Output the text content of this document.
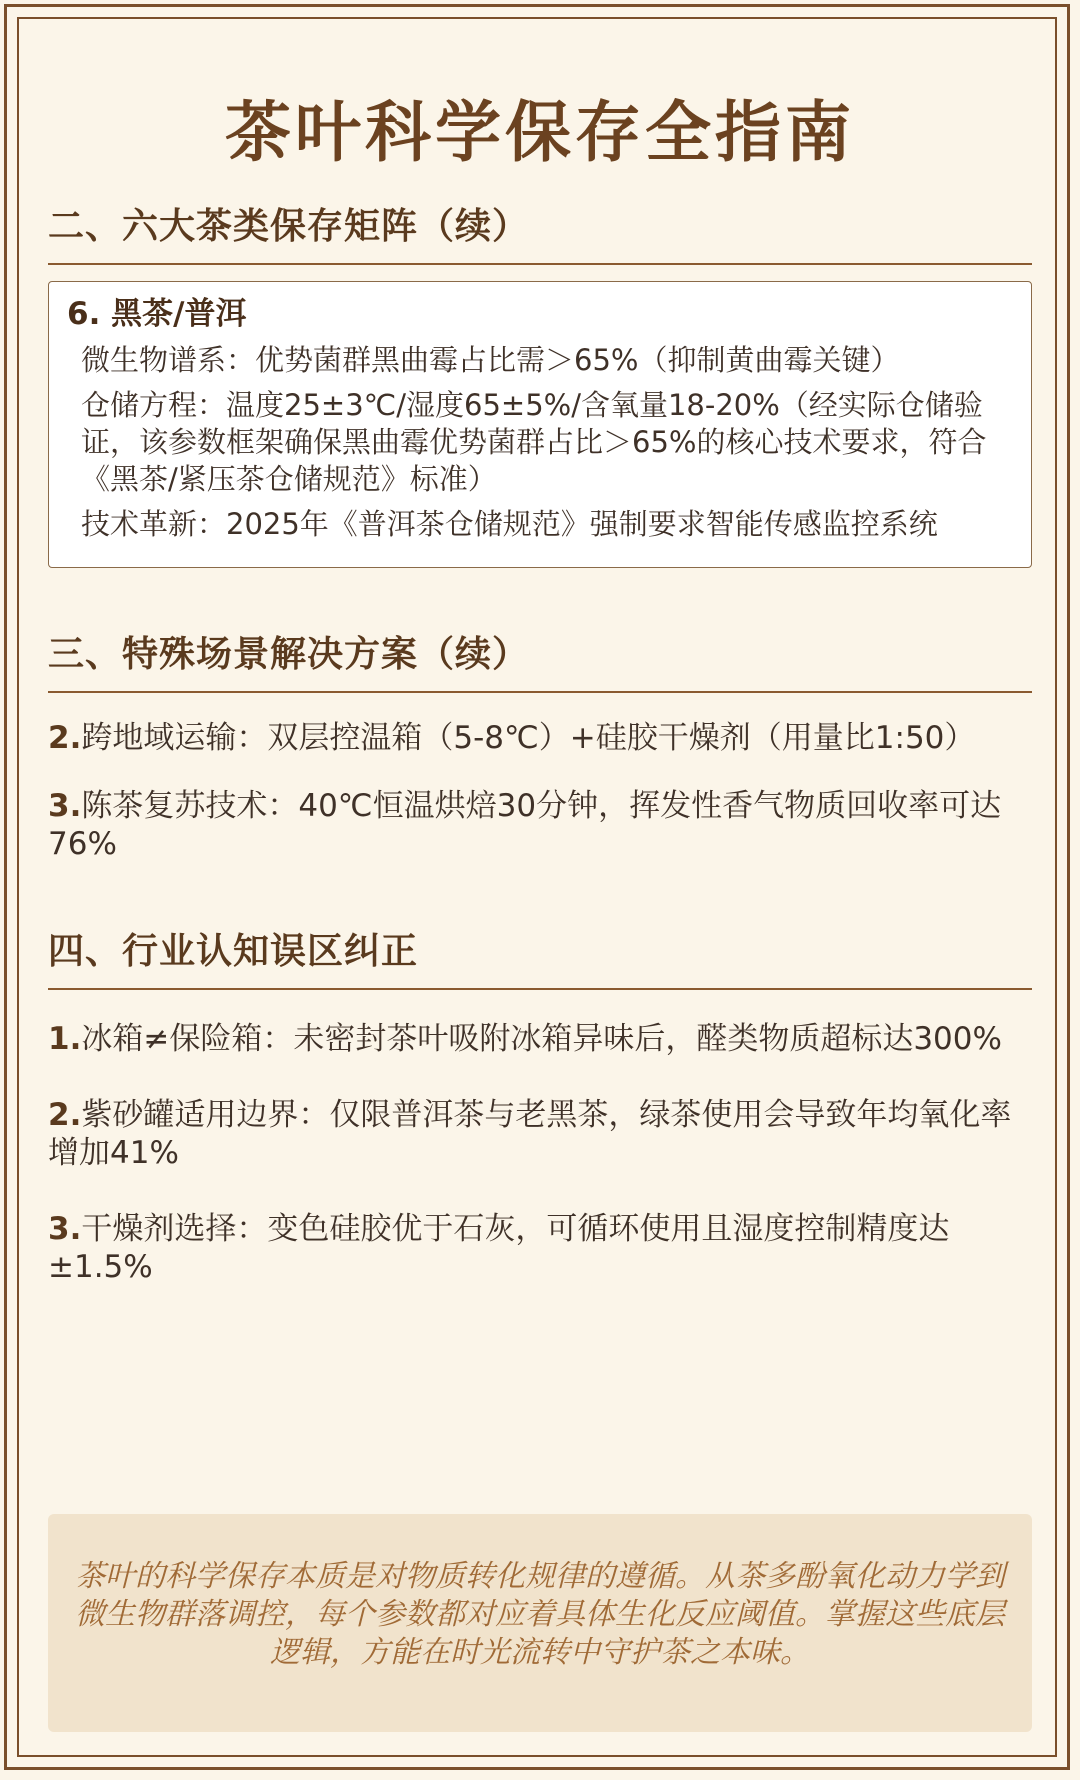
茶叶科学保存全指南
二、六大茶类保存矩阵（续）
6. 黑茶/普洱
微生物谱系：优势菌群黑曲霉占比需＞65%（抑制黄曲霉关键）
仓储方程：温度25±3℃/湿度65±5%/含氧量18-20%（经实际仓储验证，该参数框架确保黑曲霉优势菌群占比＞65%的核心技术要求，符合《黑茶/紧压茶仓储规范》标准）
技术革新：2025年《普洱茶仓储规范》强制要求智能传感监控系统
三、特殊场景解决方案（续）
2.跨地域运输：双层控温箱（5-8℃）+硅胶干燥剂（用量比1:50）
3.陈茶复苏技术：40℃恒温烘焙30分钟，挥发性香气物质回收率可达76%
四、行业认知误区纠正
1.冰箱≠保险箱：未密封茶叶吸附冰箱异味后，醛类物质超标达300%
2.紫砂罐适用边界：仅限普洱茶与老黑茶，绿茶使用会导致年均氧化率增加41%
3.干燥剂选择：变色硅胶优于石灰，可循环使用且湿度控制精度达±1.5%
茶叶的科学保存本质是对物质转化规律的遵循。从茶多酚氧化动力学到微生物群落调控，每个参数都对应着具体生化反应阈值。掌握这些底层逻辑，方能在时光流转中守护茶之本味。
